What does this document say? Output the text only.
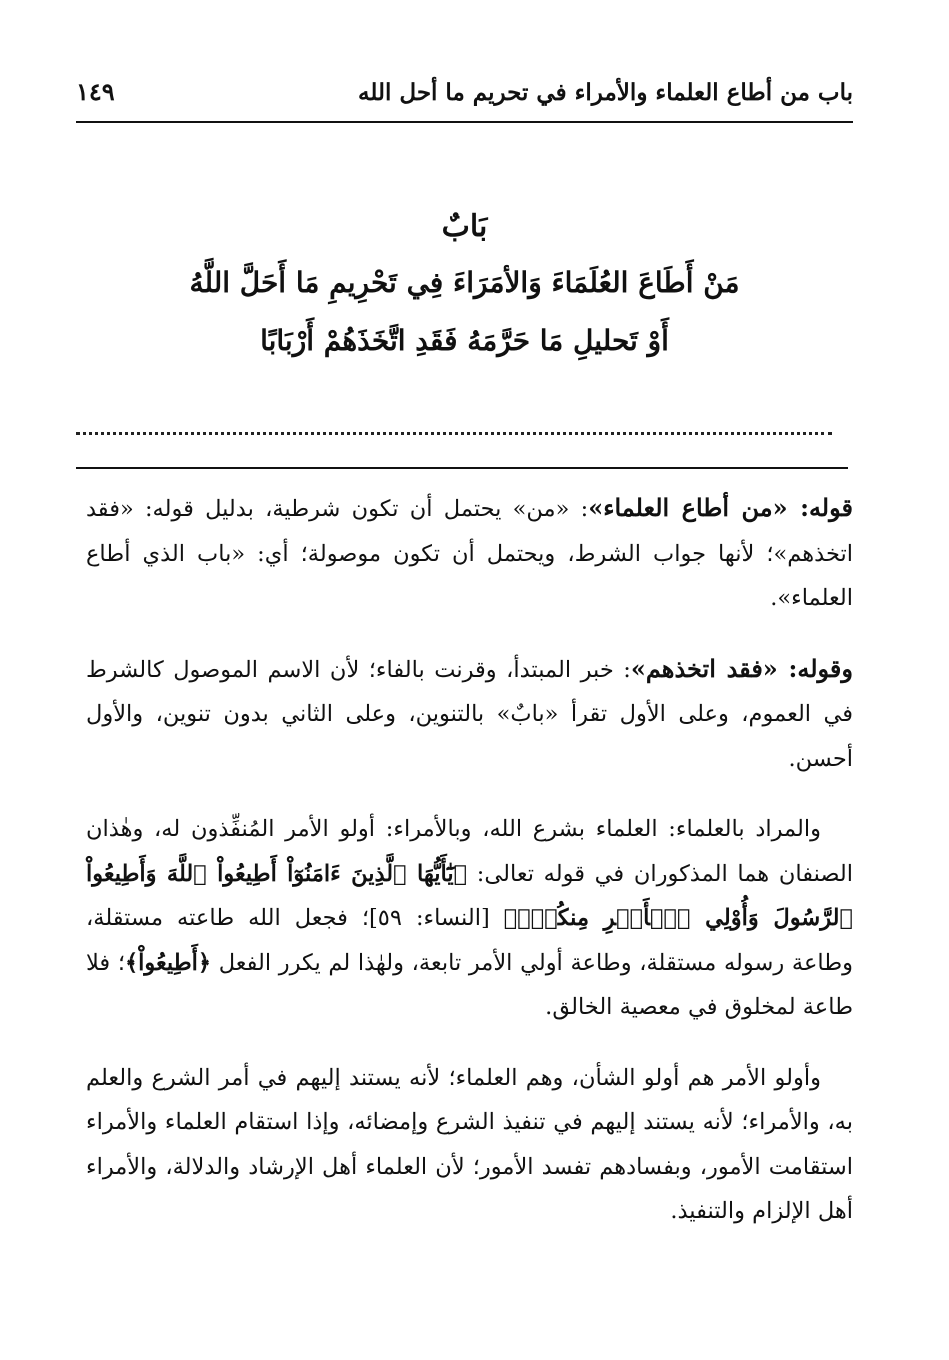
باب من أطاع العلماء والأمراء في تحريم ما أحل الله
١٤٩
بَابٌ
مَنْ أَطَاعَ العُلَمَاءَ وَالأمَرَاءَ فِي تَحْرِيمِ مَا أَحَلَّ اللَّهُ
أَوْ تَحليلِ مَا حَرَّمَهُ فَقَدِ اتَّخَذَهُمْ أَرْبَابًا

قوله: «من أطاع العلماء»: «من» يحتمل أن تكون شرطية، بدليل قوله: «فقد اتخذهم»؛ لأنها جواب الشرط، ويحتمل أن تكون موصولة؛ أي: «باب الذي أطاع العلماء».

وقوله: «فقد اتخذهم»: خبر المبتدأ، وقرنت بالفاء؛ لأن الاسم الموصول كالشرط في العموم، وعلى الأول تقرأ «بابٌ» بالتنوين، وعلى الثاني بدون تنوين، والأول أحسن.

والمراد بالعلماء: العلماء بشرع الله، وبالأمراء: أولو الأمر المُنفِّذون له، وهٰذان الصنفان هما المذكوران في قوله تعالى: ﴿يَٰٓأَيُّهَا ٱلَّذِينَ ءَامَنُوٓاْ أَطِيعُواْ ٱللَّهَ وَأَطِيعُواْ ٱلرَّسُولَ وَأُوْلِي ٱلۡأَمۡرِ مِنكُمۡۖ﴾ [النساء: ٥٩]؛ فجعل الله طاعته مستقلة، وطاعة رسوله مستقلة، وطاعة أولي الأمر تابعة، ولهٰذا لم يكرر الفعل ﴿أَطِيعُواْ﴾؛ فلا طاعة لمخلوق في معصية الخالق.

وأولو الأمر هم أولو الشأن، وهم العلماء؛ لأنه يستند إليهم في أمر الشرع والعلم به، والأمراء؛ لأنه يستند إليهم في تنفيذ الشرع وإمضائه، وإذا استقام العلماء والأمراء استقامت الأمور، وبفسادهم تفسد الأمور؛ لأن العلماء أهل الإرشاد والدلالة، والأمراء أهل الإلزام والتنفيذ.
